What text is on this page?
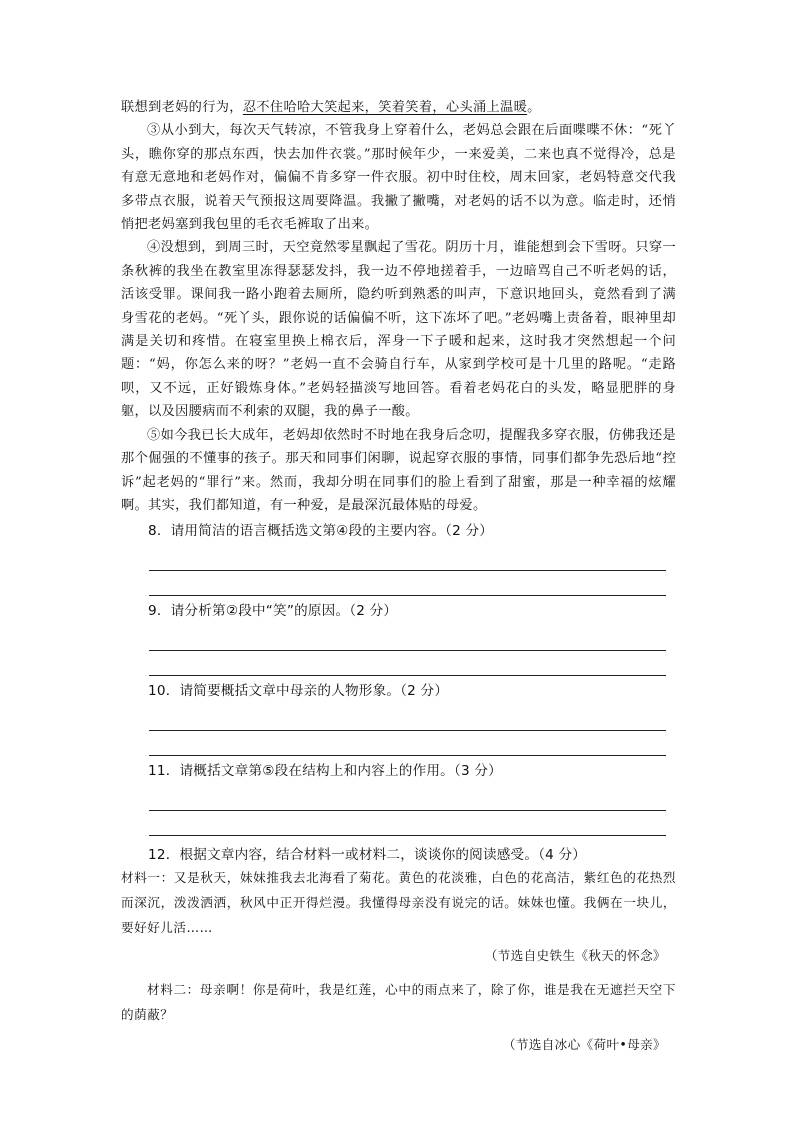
联想到老妈的行为，忍不住哈哈大笑起来，笑着笑着，心头涌上温暖。

③从小到大，每次天气转凉，不管我身上穿着什么，老妈总会跟在后面喋喋不休：“死丫头，瞧你穿的那点东西，快去加件衣裳。”那时候年少，一来爱美，二来也真不觉得冷，总是有意无意地和老妈作对，偏偏不肯多穿一件衣服。初中时住校，周末回家，老妈特意交代我多带点衣服，说着天气预报这周要降温。我撇了撇嘴，对老妈的话不以为意。临走时，还悄悄把老妈塞到我包里的毛衣毛裤取了出来。

④没想到，到周三时，天空竟然零星飘起了雪花。阴历十月，谁能想到会下雪呀。只穿一条秋裤的我坐在教室里冻得瑟瑟发抖，我一边不停地搓着手，一边暗骂自己不听老妈的话，活该受罪。课间我一路小跑着去厕所，隐约听到熟悉的叫声，下意识地回头，竟然看到了满身雪花的老妈。“死丫头，跟你说的话偏偏不听，这下冻坏了吧。”老妈嘴上责备着，眼神里却满是关切和疼惜。在寝室里换上棉衣后，浑身一下子暖和起来，这时我才突然想起一个问题：“妈，你怎么来的呀？”老妈一直不会骑自行车，从家到学校可是十几里的路呢。“走路呗，又不远，正好锻炼身体。”老妈轻描淡写地回答。看着老妈花白的头发，略显肥胖的身躯，以及因腰病而不利索的双腿，我的鼻子一酸。

⑤如今我已长大成年，老妈却依然时不时地在我身后念叨，提醒我多穿衣服，仿佛我还是那个倔强的不懂事的孩子。那天和同事们闲聊，说起穿衣服的事情，同事们都争先恐后地“控诉”起老妈的“罪行”来。然而，我却分明在同事们的脸上看到了甜蜜，那是一种幸福的炫耀啊。其实，我们都知道，有一种爱，是最深沉最体贴的母爱。

8．请用简洁的语言概括选文第④段的主要内容。（2 分）
9．请分析第②段中“笑”的原因。（2 分）
10．请简要概括文章中母亲的人物形象。（2 分）
11．请概括文章第⑤段在结构上和内容上的作用。（3 分）
12．根据文章内容，结合材料一或材料二，谈谈你的阅读感受。（4 分）

材料一：又是秋天，妹妹推我去北海看了菊花。黄色的花淡雅，白色的花高洁，紫红色的花热烈而深沉，泼泼洒洒，秋风中正开得烂漫。我懂得母亲没有说完的话。妹妹也懂。我俩在一块儿，要好好儿活……

（节选自史铁生《秋天的怀念》

材料二：母亲啊！你是荷叶，我是红莲，心中的雨点来了，除了你，谁是我在无遮拦天空下的荫蔽？

（节选自冰心《荷叶•母亲》
